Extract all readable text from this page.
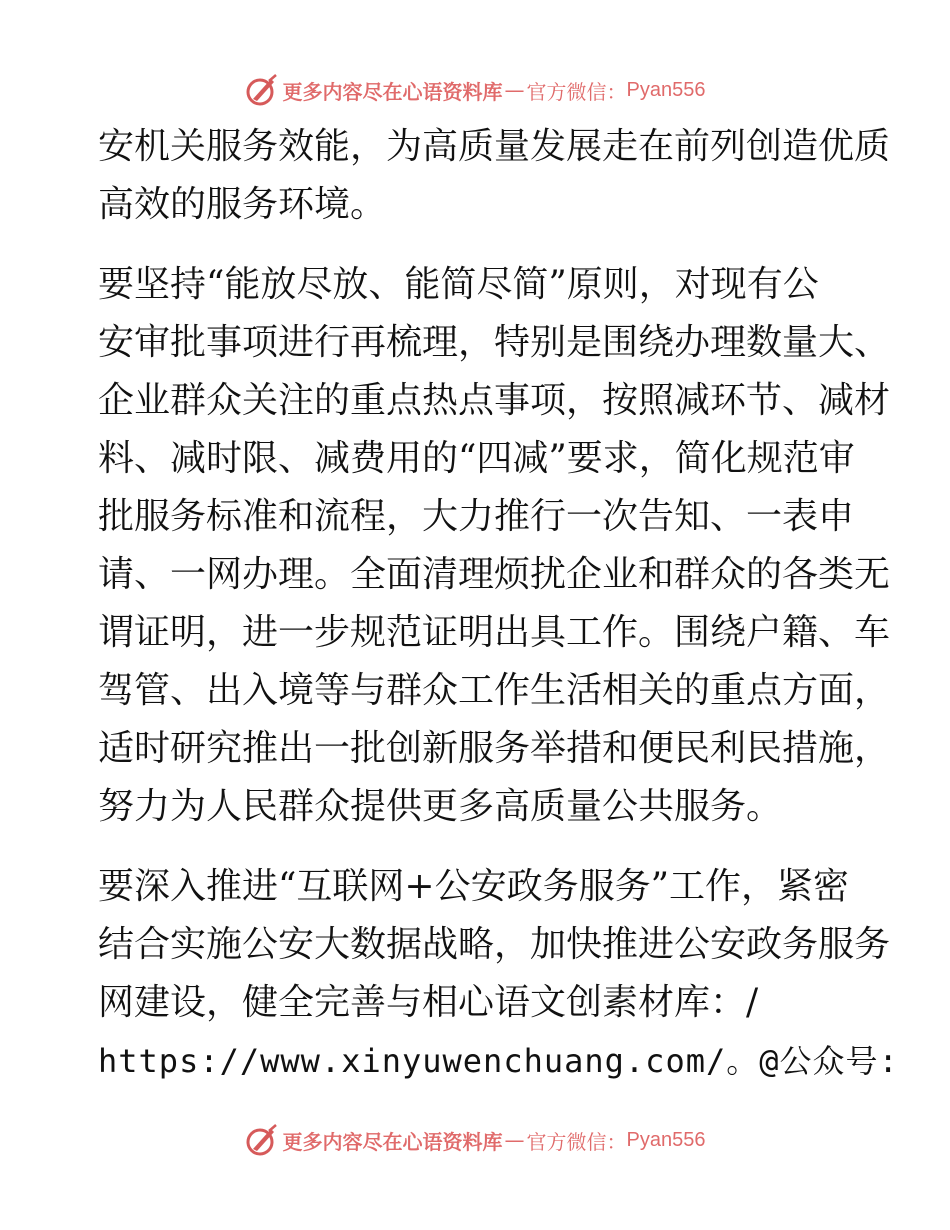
更多内容尽在心语资料库 — 官方微信： Pyan556
安机关服务效能，为高质量发展走在前列创造优质
高效的服务环境。
要坚持“能放尽放、能简尽简”原则，对现有公
安审批事项进行再梳理，特别是围绕办理数量大、
企业群众关注的重点热点事项，按照减环节、减材
料、减时限、减费用的“四减”要求，简化规范审
批服务标准和流程，大力推行一次告知、一表申
请、一网办理。全面清理烦扰企业和群众的各类无
谓证明，进一步规范证明出具工作。围绕户籍、车
驾管、出入境等与群众工作生活相关的重点方面，
适时研究推出一批创新服务举措和便民利民措施，
努力为人民群众提供更多高质量公共服务。
要深入推进“互联网+公安政务服务”工作，紧密
结合实施公安大数据战略，加快推进公安政务服务
网建设，健全完善与相心语文创素材库：/
https://www.xinyuwenchuang.com/。@公众号:
更多内容尽在心语资料库 — 官方微信： Pyan556
